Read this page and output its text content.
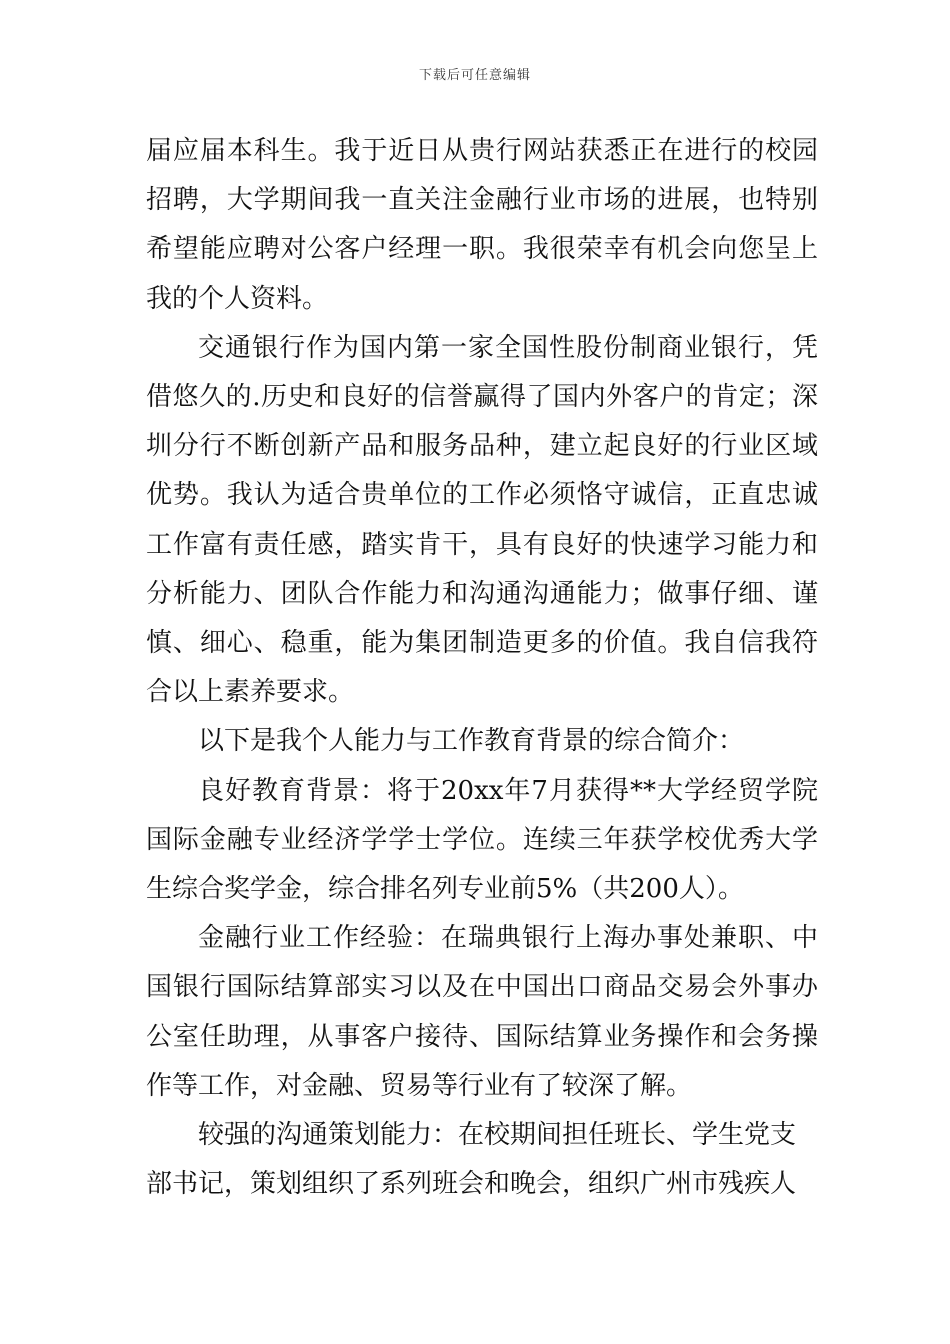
下载后可任意编辑

届应届本科生。我于近日从贵行网站获悉正在进行的校园招聘，大学期间我一直关注金融行业市场的进展，也特别希望能应聘对公客户经理一职。我很荣幸有机会向您呈上我的个人资料。

交通银行作为国内第一家全国性股份制商业银行，凭借悠久的.历史和良好的信誉赢得了国内外客户的肯定；深圳分行不断创新产品和服务品种，建立起良好的行业区域优势。我认为适合贵单位的工作必须恪守诚信，正直忠诚工作富有责任感，踏实肯干，具有良好的快速学习能力和分析能力、团队合作能力和沟通沟通能力；做事仔细、谨慎、细心、稳重，能为集团制造更多的价值。我自信我符合以上素养要求。

以下是我个人能力与工作教育背景的综合简介：

良好教育背景：将于20xx年7月获得**大学经贸学院国际金融专业经济学学士学位。连续三年获学校优秀大学生综合奖学金，综合排名列专业前5%（共200人）。

金融行业工作经验：在瑞典银行上海办事处兼职、中国银行国际结算部实习以及在中国出口商品交易会外事办公室任助理，从事客户接待、国际结算业务操作和会务操作等工作，对金融、贸易等行业有了较深了解。

较强的沟通策划能力：在校期间担任班长、学生党支部书记，策划组织了系列班会和晚会，组织广州市残疾人
